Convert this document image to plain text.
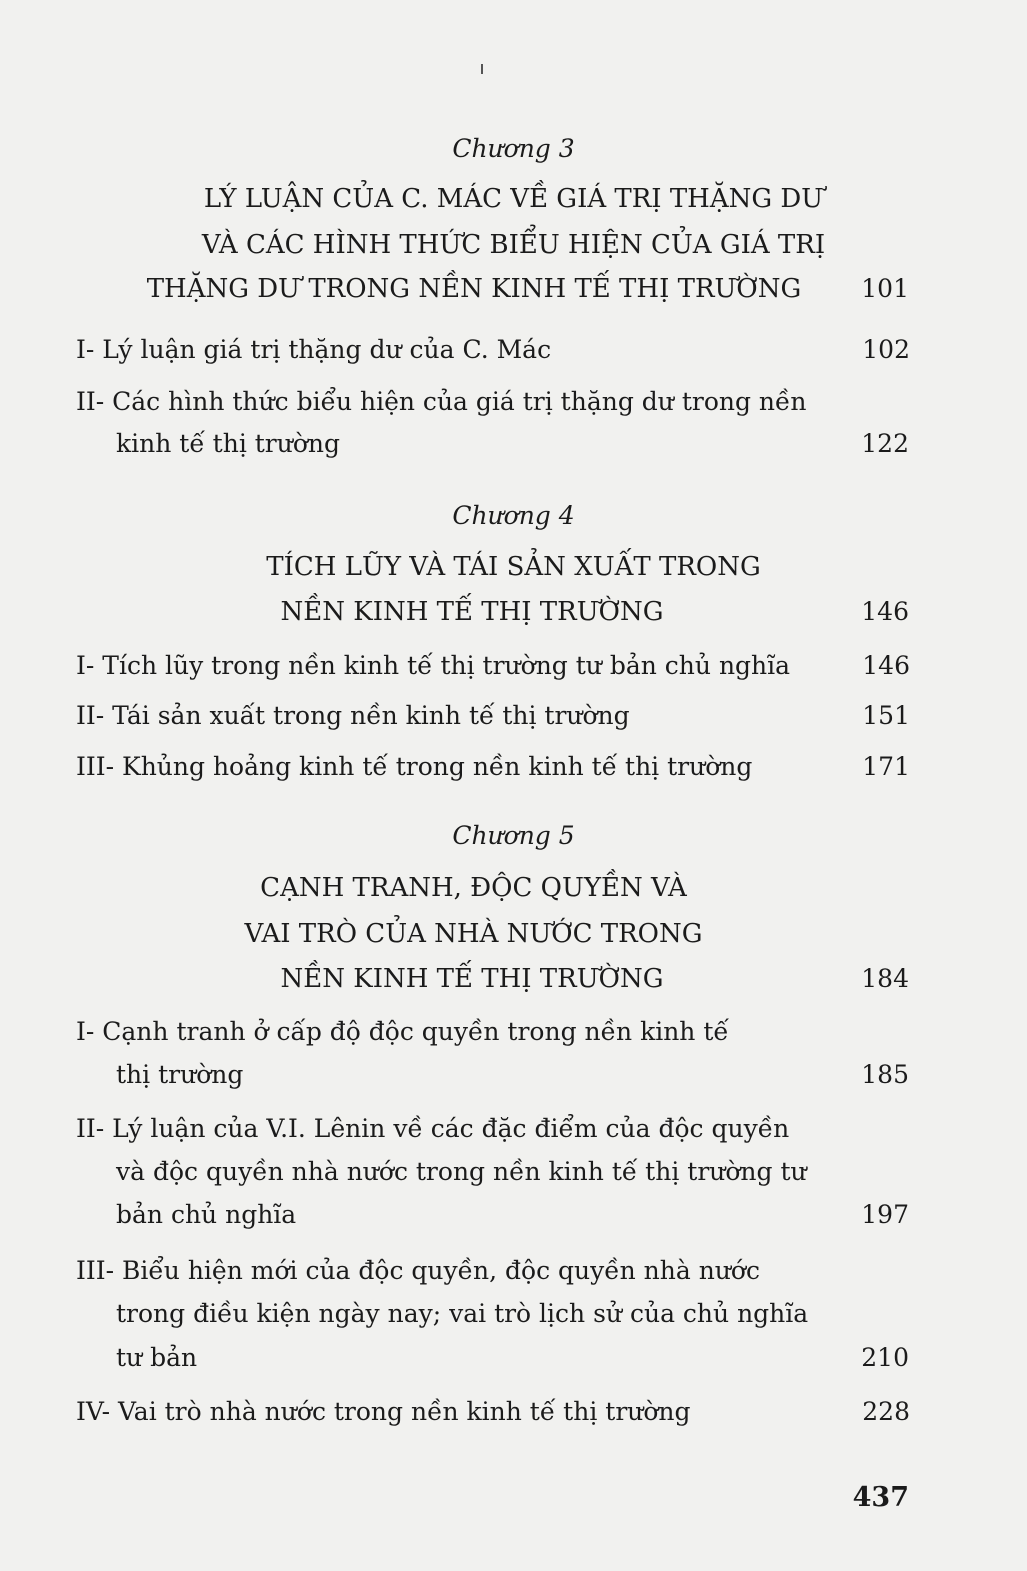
Chương 3
LÝ LUẬN CỦA C. MÁC VỀ GIÁ TRỊ THẶNG DƯ
VÀ CÁC HÌNH THỨC BIỂU HIỆN CỦA GIÁ TRỊ
THẶNG DƯ TRONG NỀN KINH TẾ THỊ TRƯỜNG	101
I- Lý luận giá trị thặng dư của C. Mác	102
II- Các hình thức biểu hiện của giá trị thặng dư trong nền
kinh tế thị trường	122
Chương 4
TÍCH LŨY VÀ TÁI SẢN XUẤT TRONG
NỀN KINH TẾ THỊ TRƯỜNG	146
I- Tích lũy trong nền kinh tế thị trường tư bản chủ nghĩa	146
II- Tái sản xuất trong nền kinh tế thị trường	151
III- Khủng hoảng kinh tế trong nền kinh tế thị trường	171
Chương 5
CẠNH TRANH, ĐỘC QUYỀN VÀ
VAI TRÒ CỦA NHÀ NƯỚC TRONG
NỀN KINH TẾ THỊ TRƯỜNG	184
I- Cạnh tranh ở cấp độ độc quyền trong nền kinh tế
thị trường	185
II- Lý luận của V.I. Lênin về các đặc điểm của độc quyền
và độc quyền nhà nước trong nền kinh tế thị trường tư
bản chủ nghĩa	197
III- Biểu hiện mới của độc quyền, độc quyền nhà nước
trong điều kiện ngày nay; vai trò lịch sử của chủ nghĩa
tư bản	210
IV- Vai trò nhà nước trong nền kinh tế thị trường	228
437
